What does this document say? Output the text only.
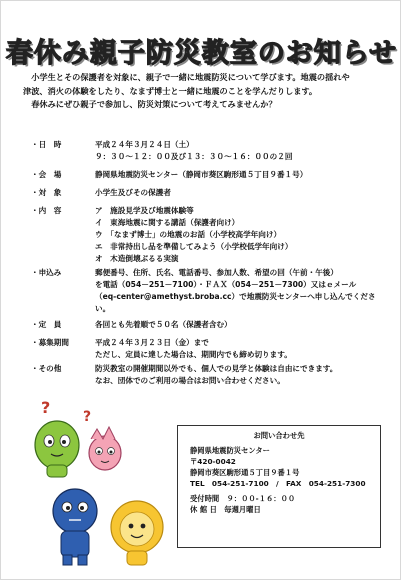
春休み親子防災教室のお知らせ

小学生とその保護者を対象に、親子で一緒に地震防災について学びます。地震の揺れや

津波、消火の体験をしたり、なまず博士と一緒に地震のことを学んだりします。

春休みにぜひ親子で参加し、防災対策について考えてみませんか？

・日　時	平成２４年３月２４日（土）
９：３０～１２：００及び１３：３０～１６：００の２回
・会　場	静岡県地震防災センター（静岡市葵区駒形通５丁目９番１号）
・対　象	小学生及びその保護者
・内　容	ア　施設見学及び地震体験等
イ　東海地震に関する講話（保護者向け）
ウ　「なまず博士」の地震のお話（小学校高学年向け）
エ　非常持出し品を準備してみよう（小学校低学年向け）
オ　木造倒壊ぶるる実演
・申込み	郵便番号、住所、氏名、電話番号、参加人数、希望の回（午前・午後）
を電話（054－251－7100）・ＦＡＸ（054－251－7300）又はｅメール
（eq-center@amethyst.broba.cc）で地震防災センターへ申し込んでくださ
い。
・定　員	各回とも先着順で５０名（保護者含む）
・募集期間	平成２４年３月２３日（金）まで
ただし、定員に達した場合は、期間内でも締め切ります。
・その他	防災教室の開催期間以外でも、個人での見学と体験は自由にできます。
なお、団体でのご利用の場合はお問い合わせください。
? ?
お問い合わせ先
静岡県地震防災センター
〒420-0042
静岡市葵区駒形通５丁目９番１号
TEL　054-251-7100　/　FAX　054-251-7300
受付時間　９：００-１６：００
休 館 日　毎週月曜日
